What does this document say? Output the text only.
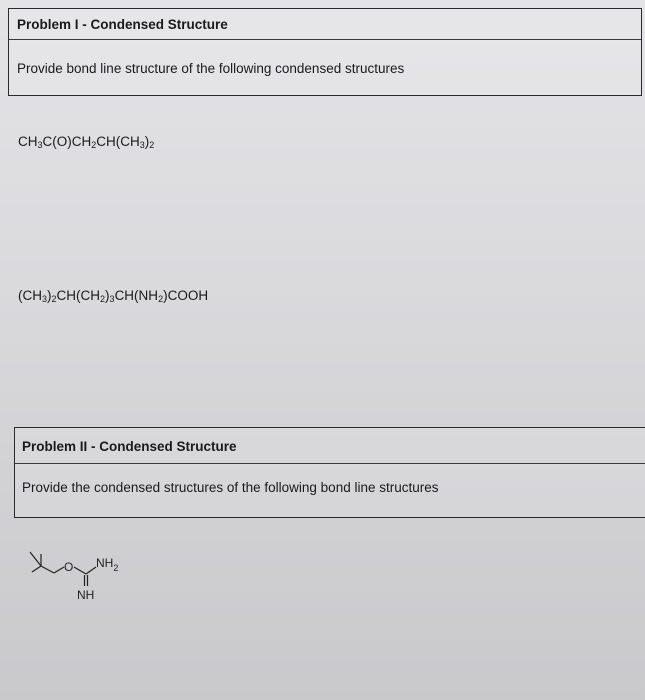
Problem I - Condensed Structure
Provide bond line structure of the following condensed structures
$CH_3C(O)CH_2CH(CH_3)_2$
$(CH_3)_2CH(CH_2)_3CH(NH_2)COOH$
Problem II - Condensed Structure
Provide the condensed structures of the following bond line structures
O $NH_2$
NH
